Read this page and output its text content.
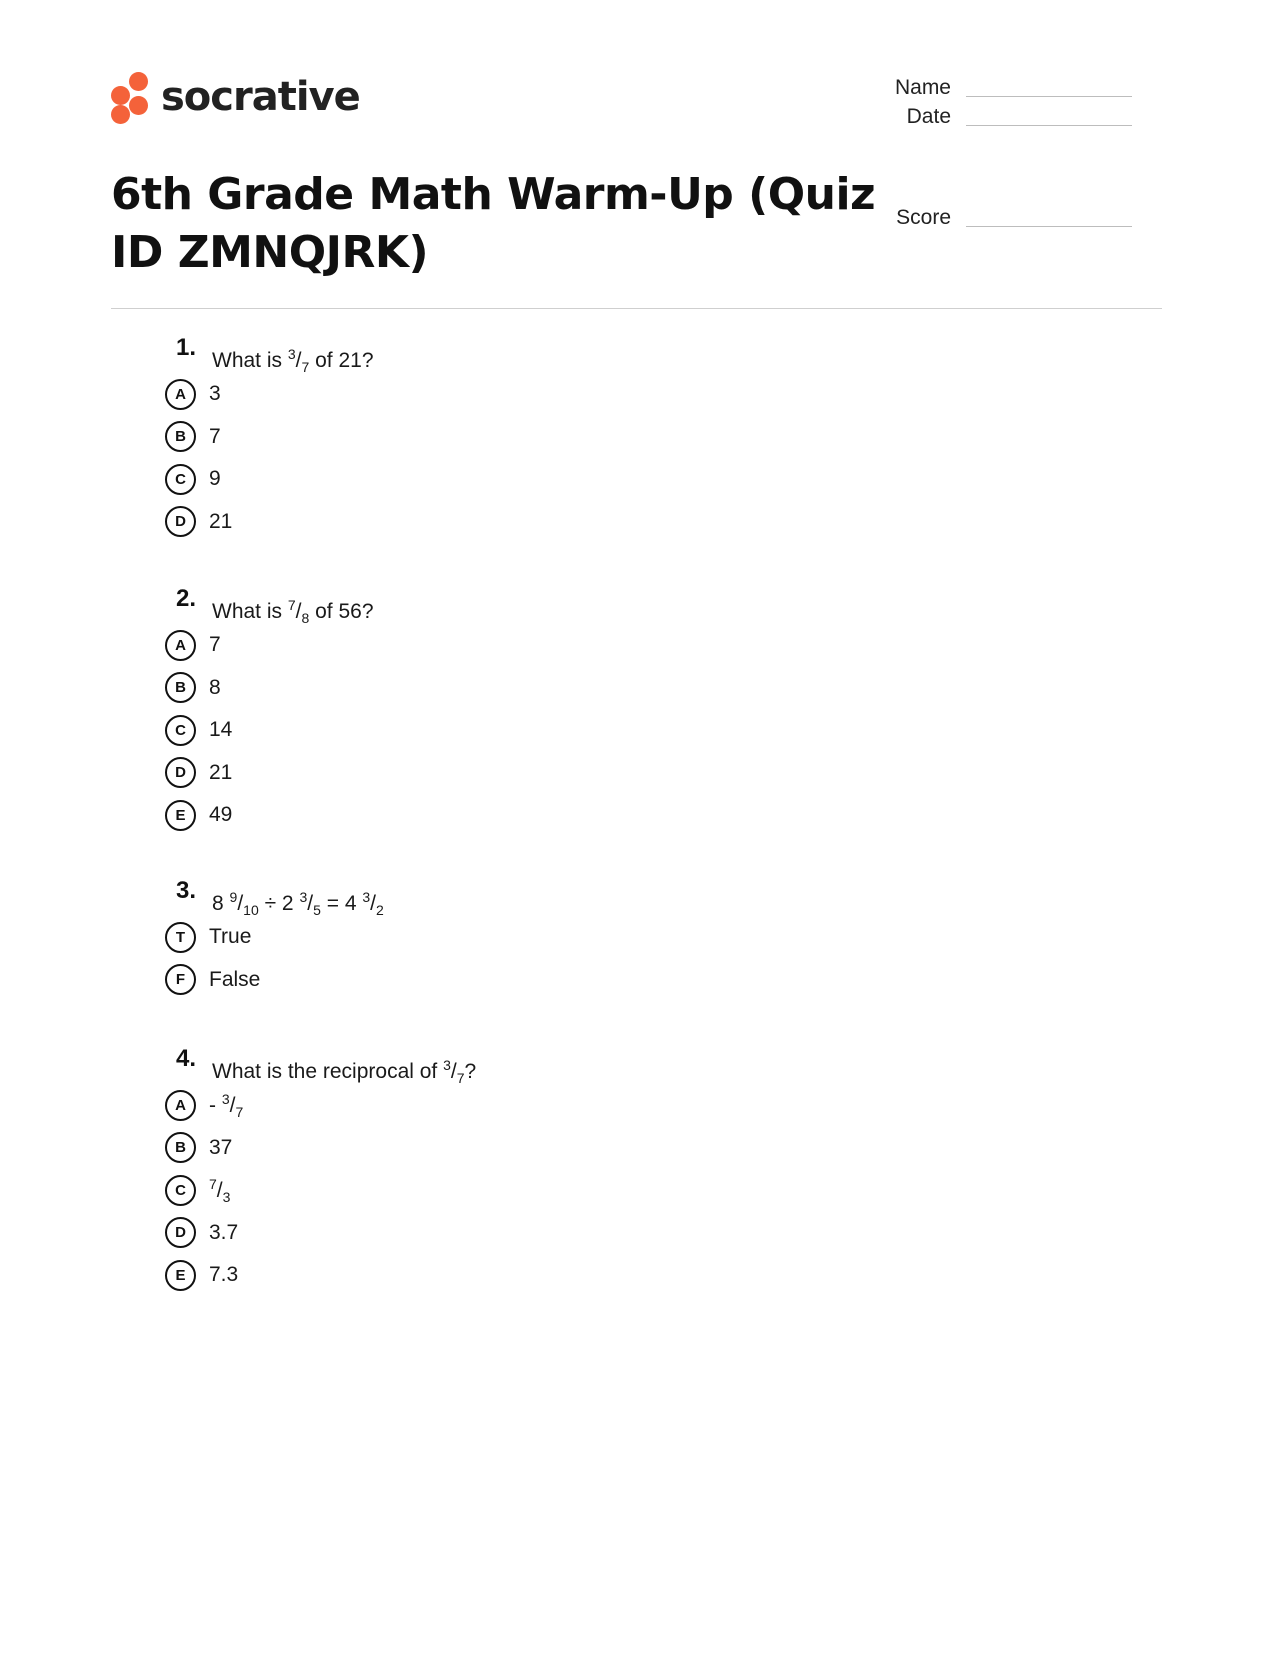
socrative	Name
Date
Score
6th Grade Math Warm-Up (Quiz ID ZMNQJRK)
1. What is $^3/_7$ of 21?
A	3
B	7
C	9
D	21
2. What is $^7/_8$ of 56?
A	7
B	8
C	14
D	21
E	49
3. 8 $^9/_{10} \div 2$ $^3/_5 = 4$ $^3/_2$
T	True
F	False
4. What is the reciprocal of $^3/_7$?
A	- $^3/_7$
B	37
C	$^7/_3$
D	3.7
E	7.3
